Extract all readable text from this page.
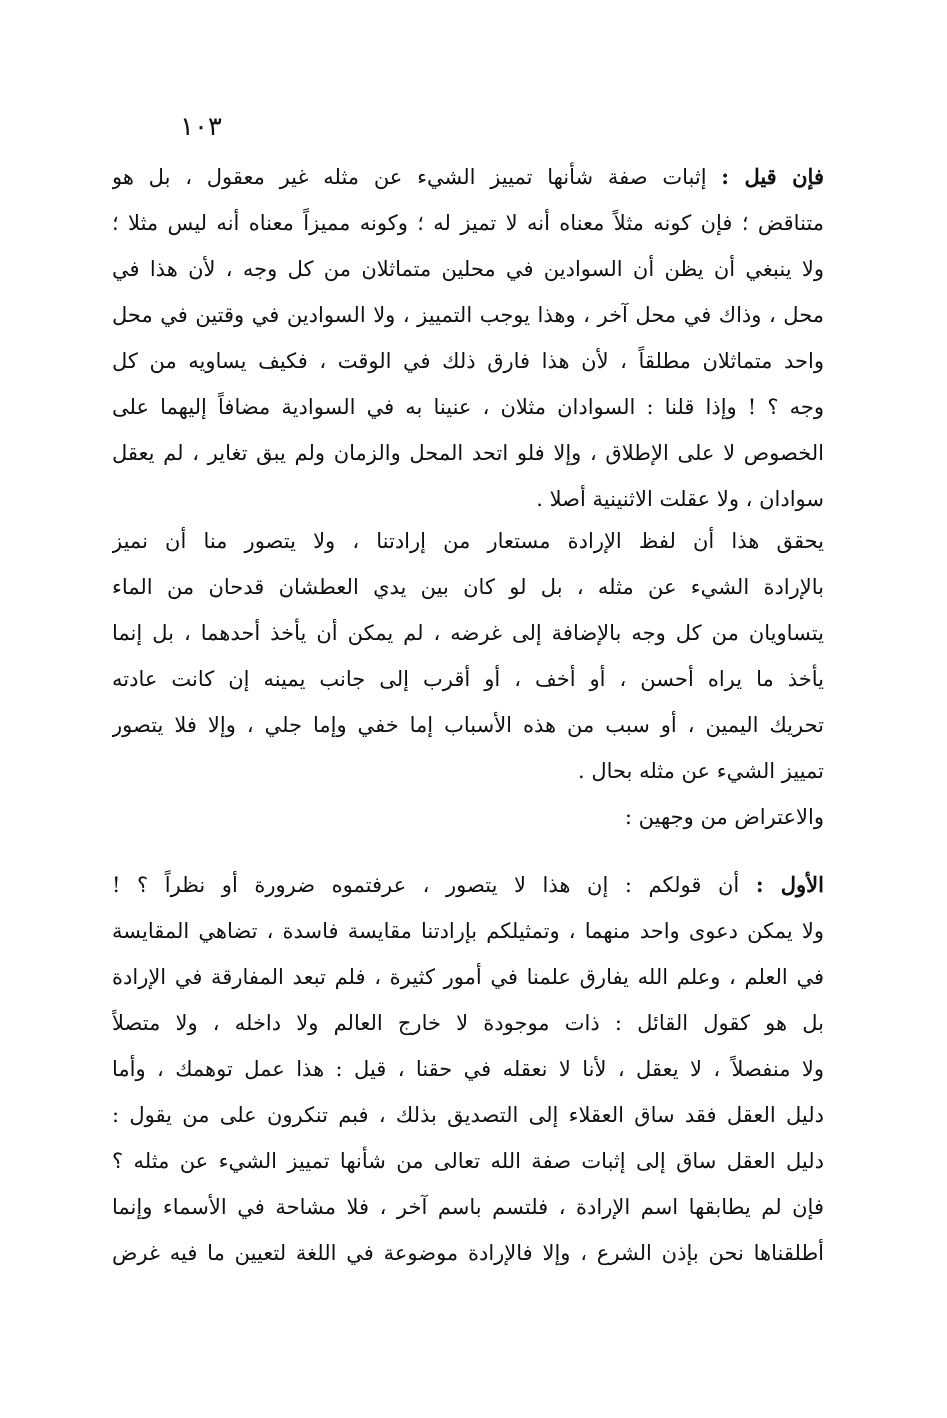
١٠٣
فإن قيل : إثبات صفة شأنها تمييز الشيء عن مثله غير معقول ، بل هو
متناقض ؛ فإن كونه مثلاً معناه أنه لا تميز له ؛ وكونه مميزاً معناه أنه ليس مثلا ؛
ولا ينبغي أن يظن أن السوادين في محلين متماثلان من كل وجه ، لأن هذا في
محل ، وذاك في محل آخر ، وهذا يوجب التمييز ، ولا السوادين في وقتين في محل
واحد متماثلان مطلقاً ، لأن هذا فارق ذلك في الوقت ، فكيف يساويه من كل
وجه ؟ ! وإذا قلنا : السوادان مثلان ، عنينا به في السوادية مضافاً إليهما على
الخصوص لا على الإطلاق ، وإلا فلو اتحد المحل والزمان ولم يبق تغاير ، لم يعقل
سوادان ، ولا عقلت الاثنينية أصلا .
يحقق هذا أن لفظ الإرادة مستعار من إرادتنا ، ولا يتصور منا أن نميز
بالإرادة الشيء عن مثله ، بل لو كان بين يدي العطشان قدحان من الماء
يتساويان من كل وجه بالإضافة إلى غرضه ، لم يمكن أن يأخذ أحدهما ، بل إنما
يأخذ ما يراه أحسن ، أو أخف ، أو أقرب إلى جانب يمينه إن كانت عادته
تحريك اليمين ، أو سبب من هذه الأسباب إما خفي وإما جلي ، وإلا فلا يتصور
تمييز الشيء عن مثله بحال .
والاعتراض من وجهين :
الأول : أن قولكم : إن هذا لا يتصور ، عرفتموه ضرورة أو نظراً ؟ !
ولا يمكن دعوى واحد منهما ، وتمثيلكم بإرادتنا مقايسة فاسدة ، تضاهي المقايسة
في العلم ، وعلم الله يفارق علمنا في أمور كثيرة ، فلم تبعد المفارقة في الإرادة
بل هو كقول القائل : ذات موجودة لا خارج العالم ولا داخله ، ولا متصلاً
ولا منفصلاً ، لا يعقل ، لأنا لا نعقله في حقنا ، قيل : هذا عمل توهمك ، وأما
دليل العقل فقد ساق العقلاء إلى التصديق بذلك ، فبم تنكرون على من يقول :
دليل العقل ساق إلى إثبات صفة الله تعالى من شأنها تمييز الشيء عن مثله ؟
فإن لم يطابقها اسم الإرادة ، فلتسم باسم آخر ، فلا مشاحة في الأسماء وإنما
أطلقناها نحن بإذن الشرع ، وإلا فالإرادة موضوعة في اللغة لتعيين ما فيه غرض
